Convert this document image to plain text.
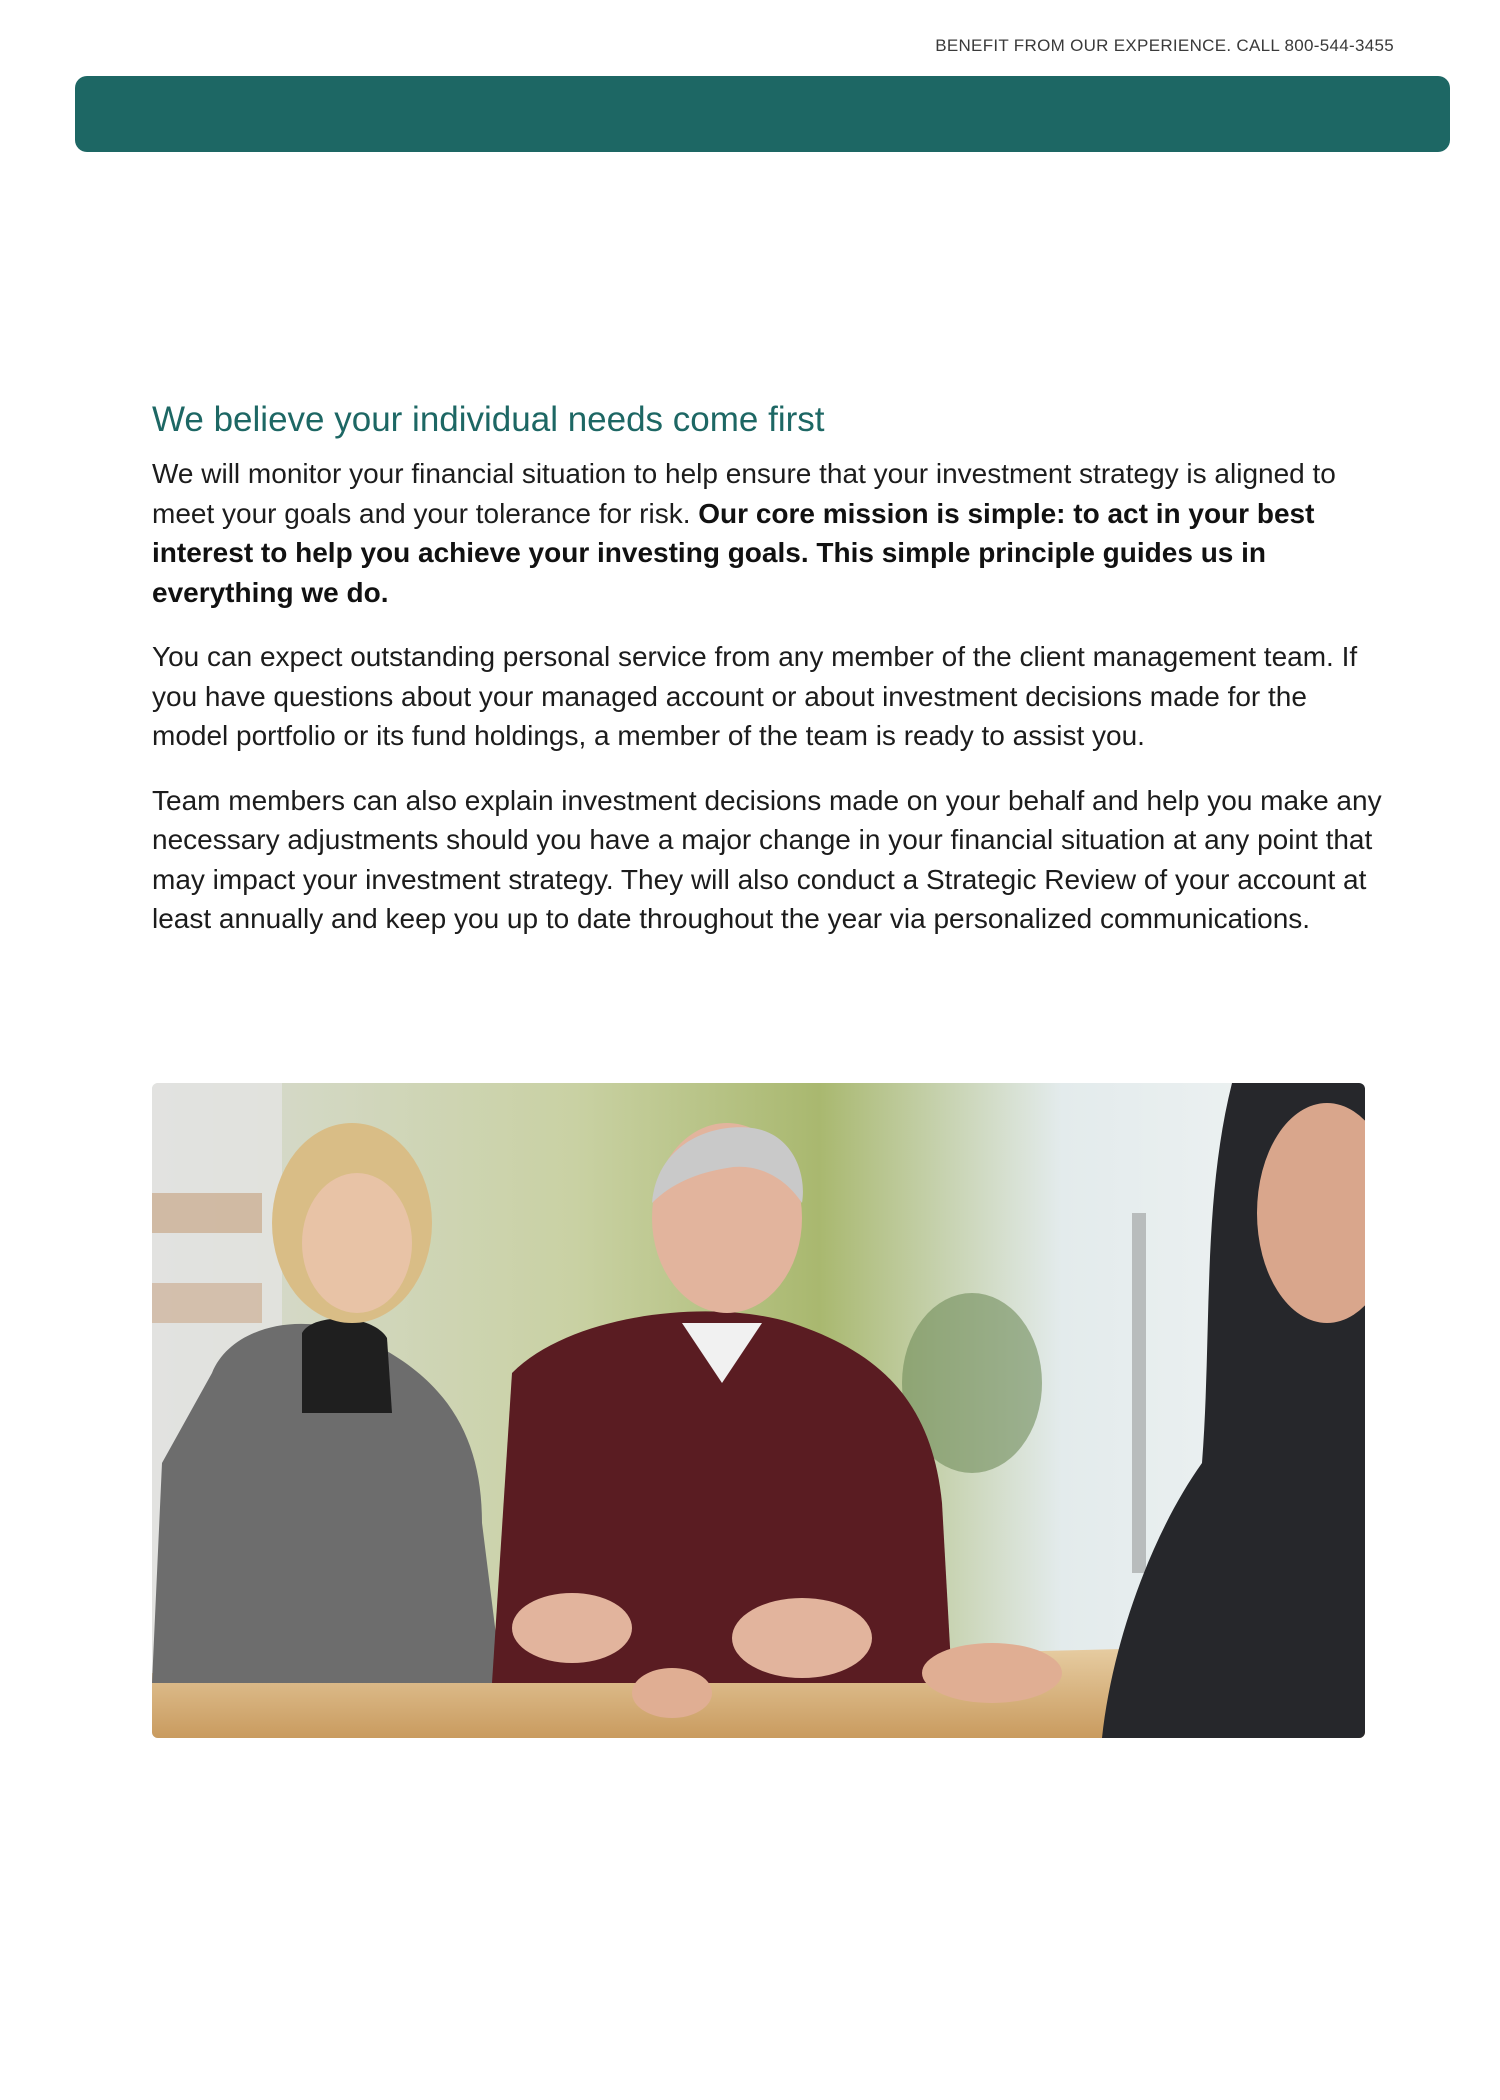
BENEFIT FROM OUR EXPERIENCE. CALL 800-544-3455
We believe your individual needs come first

We will monitor your financial situation to help ensure that your investment strategy is aligned to meet your goals and your tolerance for risk. Our core mission is simple: to act in your best interest to help you achieve your investing goals. This simple principle guides us in everything we do.

You can expect outstanding personal service from any member of the client management team. If you have questions about your managed account or about investment decisions made for the model portfolio or its fund holdings, a member of the team is ready to assist you.

Team members can also explain investment decisions made on your behalf and help you make any necessary adjustments should you have a major change in your financial situation at any point that may impact your investment strategy. They will also conduct a Strategic Review of your account at least annually and keep you up to date throughout the year via personalized communications.
